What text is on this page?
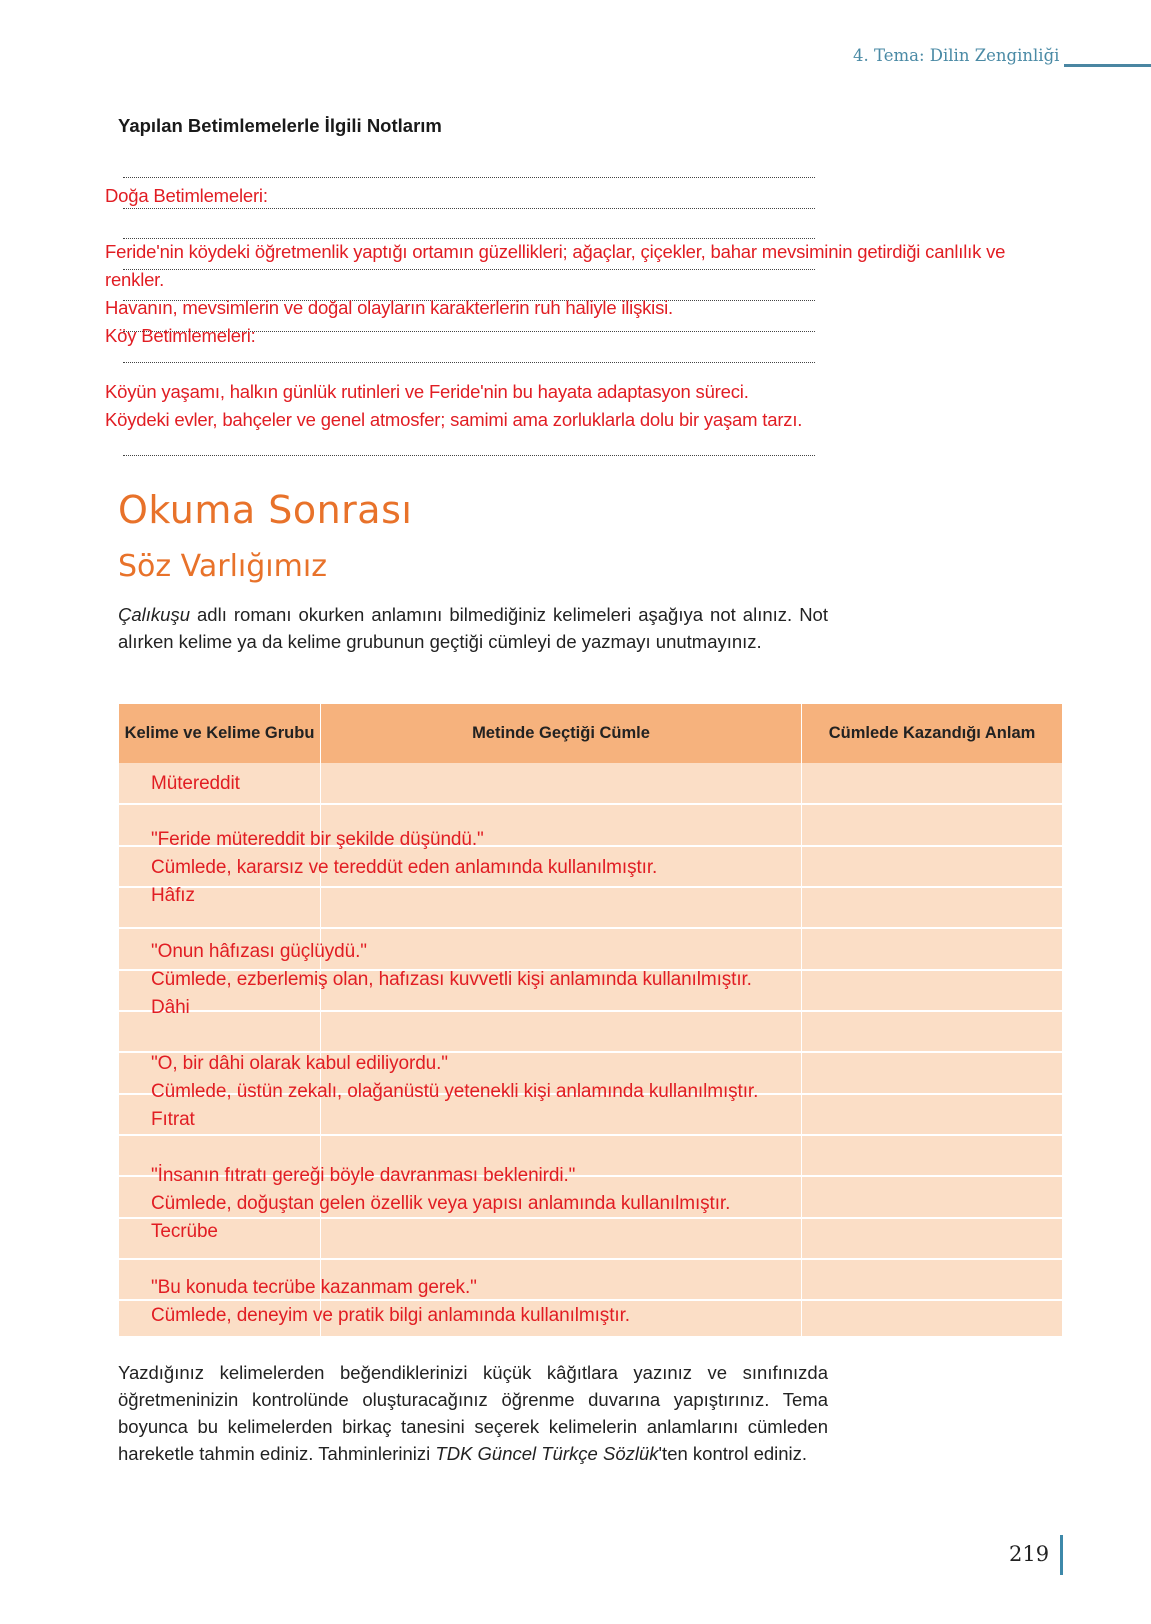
4. Tema: Dilin Zenginliği
Yapılan Betimlemelerle İlgili Notlarım
Doğa Betimlemeleri:
Feride'nin köydeki öğretmenlik yaptığı ortamın güzellikleri; ağaçlar, çiçekler, bahar mevsiminin getirdiği canlılık ve
renkler.
Havanın, mevsimlerin ve doğal olayların karakterlerin ruh haliyle ilişkisi.
Köy Betimlemeleri:
Köyün yaşamı, halkın günlük rutinleri ve Feride'nin bu hayata adaptasyon süreci.
Köydeki evler, bahçeler ve genel atmosfer; samimi ama zorluklarla dolu bir yaşam tarzı.
Okuma Sonrası
Söz Varlığımız
Çalıkuşu adlı romanı okurken anlamını bilmediğiniz kelimeleri aşağıya not alınız. Not alırken kelime ya da kelime grubunun geçtiği cümleyi de yazmayı unutmayınız.
Kelime ve Kelime Grubu	Metinde Geçtiği Cümle	Cümlede Kazandığı Anlam
Mütereddit
"Feride mütereddit bir şekilde düşündü."
Cümlede, kararsız ve tereddüt eden anlamında kullanılmıştır.
Hâfız
"Onun hâfızası güçlüydü."
Cümlede, ezberlemiş olan, hafızası kuvvetli kişi anlamında kullanılmıştır.
Dâhi
"O, bir dâhi olarak kabul ediliyordu."
Cümlede, üstün zekalı, olağanüstü yetenekli kişi anlamında kullanılmıştır.
Fıtrat
"İnsanın fıtratı gereği böyle davranması beklenirdi."
Cümlede, doğuştan gelen özellik veya yapısı anlamında kullanılmıştır.
Tecrübe
"Bu konuda tecrübe kazanmam gerek."
Cümlede, deneyim ve pratik bilgi anlamında kullanılmıştır.
Yazdığınız kelimelerden beğendiklerinizi küçük kâğıtlara yazınız ve sınıfınızda öğretmeninizin kontrolünde oluşturacağınız öğrenme duvarına yapıştırınız. Tema boyunca bu kelimelerden birkaç tanesini seçerek kelimelerin anlamlarını cümleden hareketle tahmin ediniz. Tahminlerinizi TDK Güncel Türkçe Sözlük'ten kontrol ediniz.
219
